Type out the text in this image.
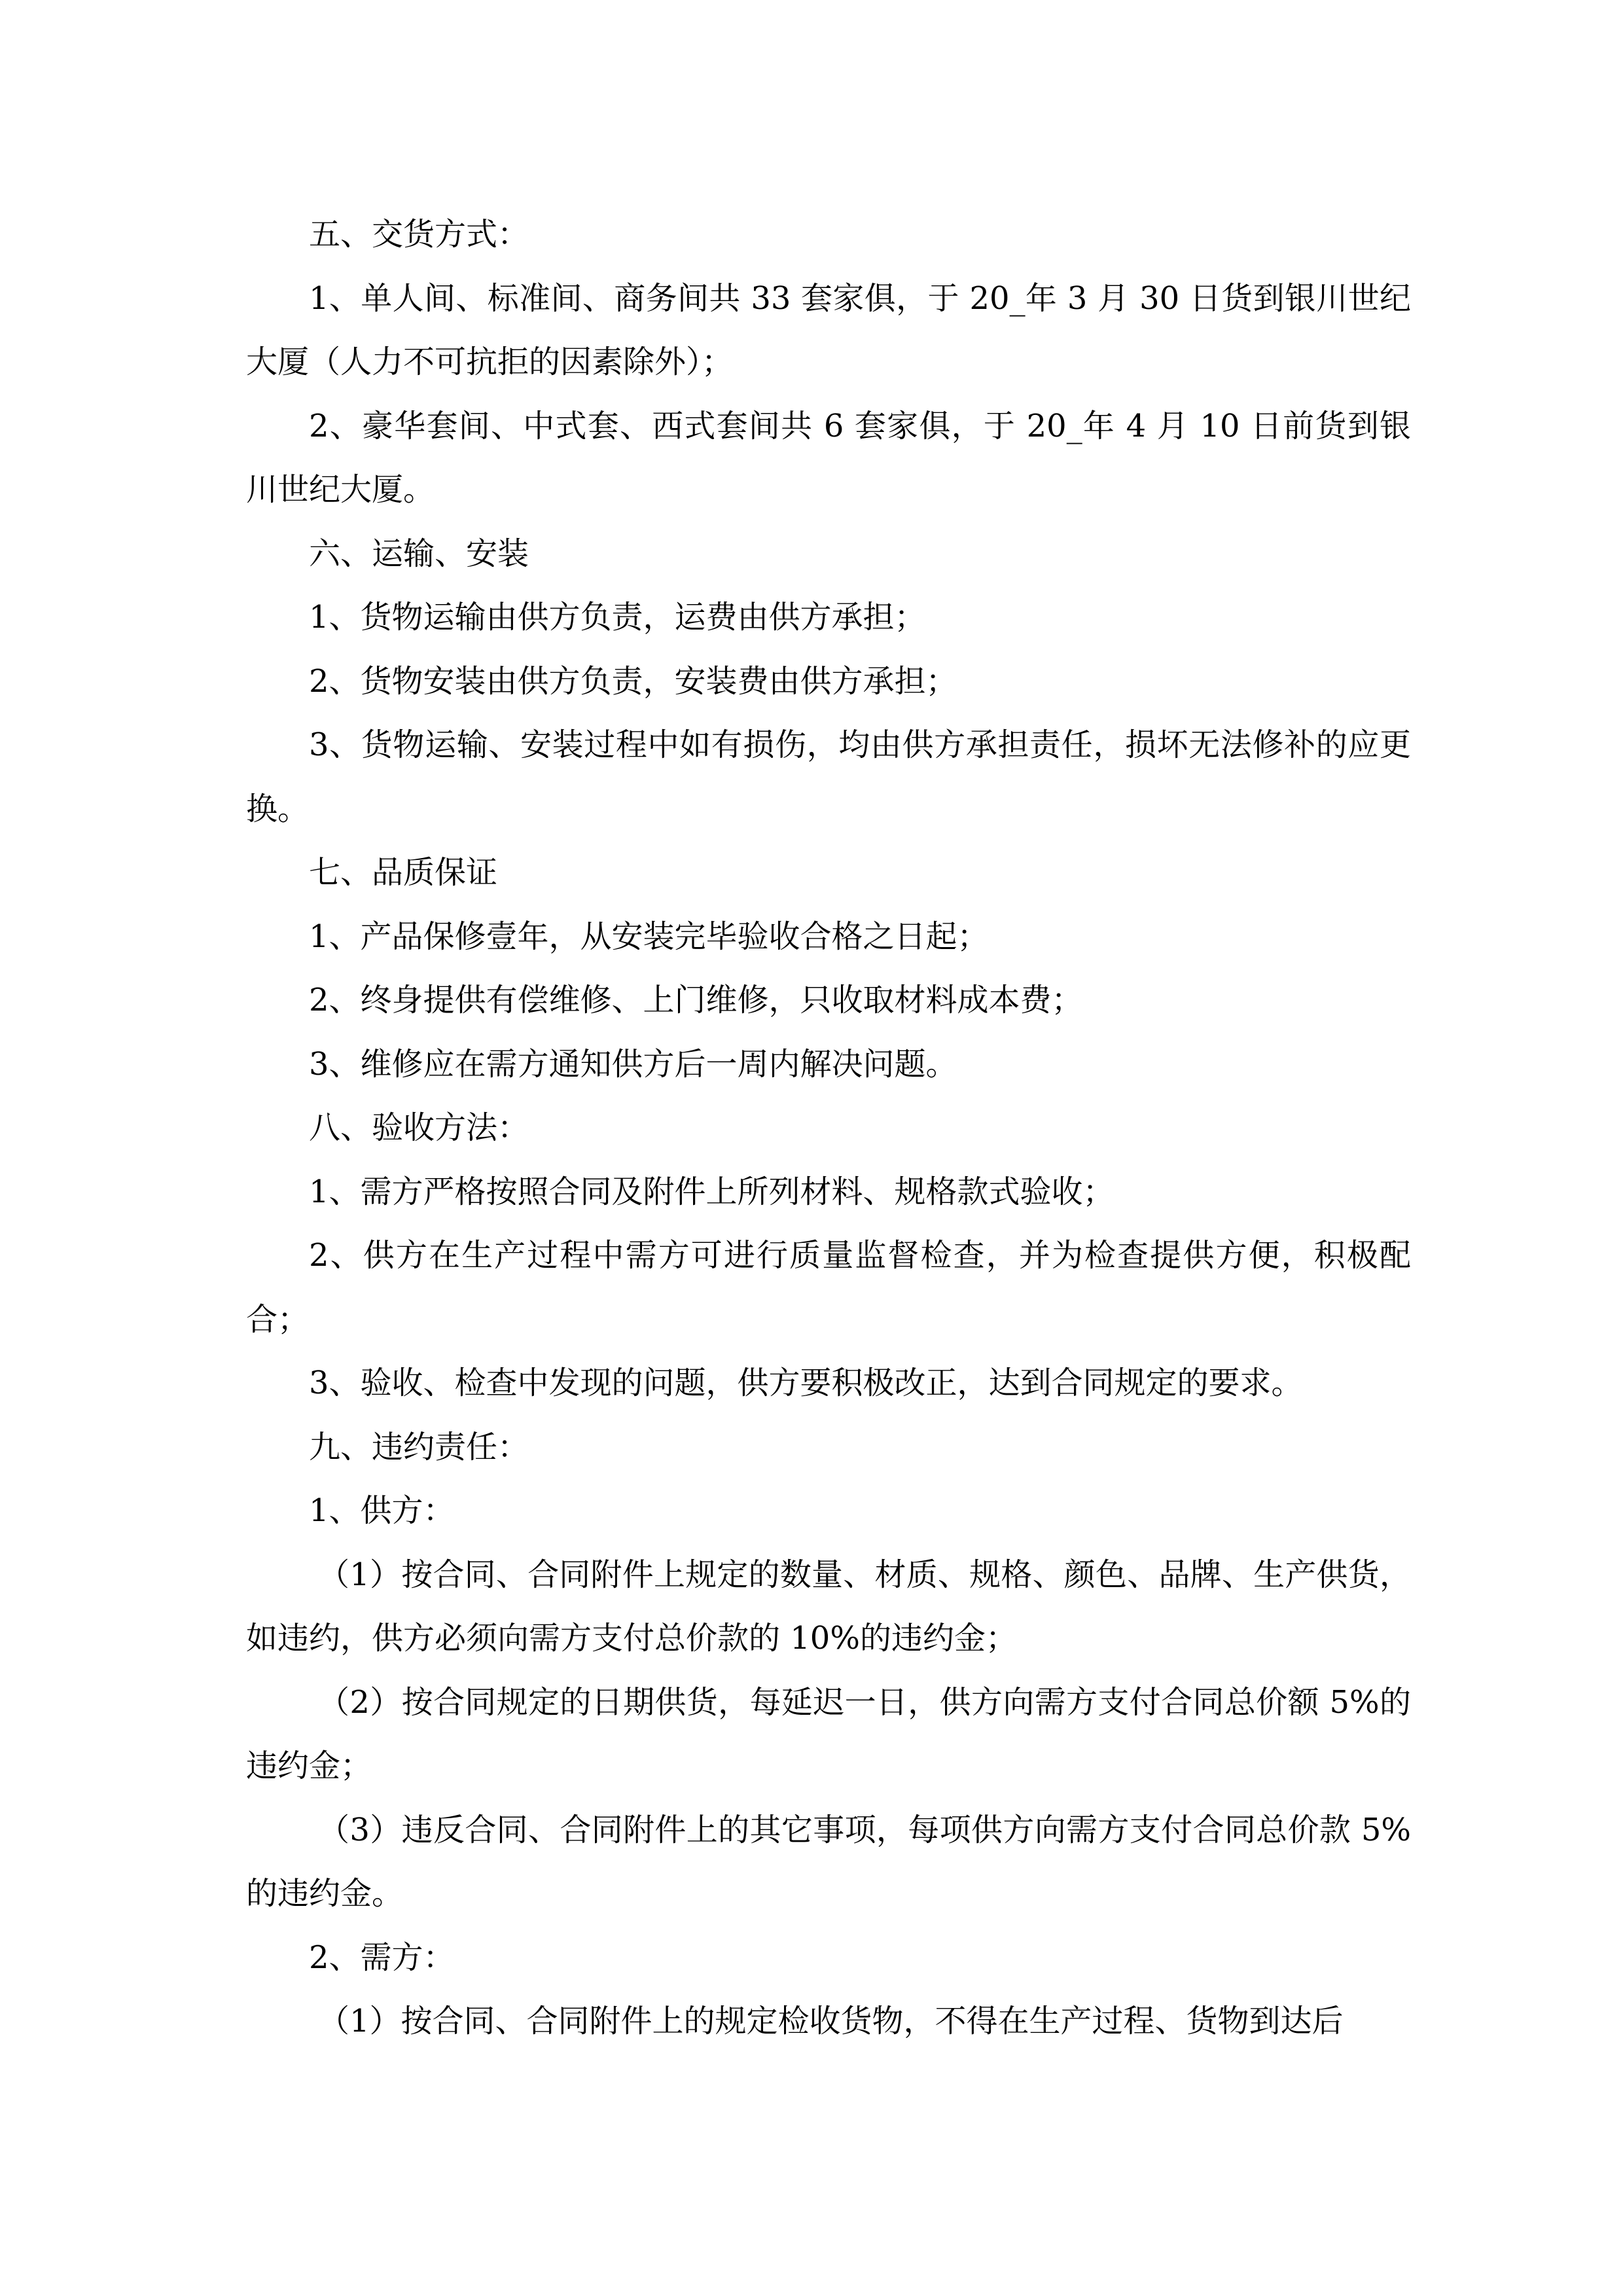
五、交货方式：

1、单人间、标准间、商务间共 33 套家俱，于 20_年 3 月 30 日货到银川世纪大厦（人力不可抗拒的因素除外）；

2、豪华套间、中式套、西式套间共 6 套家俱，于 20_年 4 月 10 日前货到银川世纪大厦。

六、运输、安装

1、货物运输由供方负责，运费由供方承担；

2、货物安装由供方负责，安装费由供方承担；

3、货物运输、安装过程中如有损伤，均由供方承担责任，损坏无法修补的应更换。

七、品质保证

1、产品保修壹年，从安装完毕验收合格之日起；

2、终身提供有偿维修、上门维修，只收取材料成本费；

3、维修应在需方通知供方后一周内解决问题。

八、验收方法：

1、需方严格按照合同及附件上所列材料、规格款式验收；

2、供方在生产过程中需方可进行质量监督检查，并为检查提供方便，积极配合；

3、验收、检查中发现的问题，供方要积极改正，达到合同规定的要求。

九、违约责任：

1、供方：

（1）按合同、合同附件上规定的数量、材质、规格、颜色、品牌、生产供货，如违约，供方必须向需方支付总价款的 10%的违约金；

（2）按合同规定的日期供货，每延迟一日，供方向需方支付合同总价额 5%的违约金；

（3）违反合同、合同附件上的其它事项，每项供方向需方支付合同总价款 5%的违约金。

2、需方：

（1）按合同、合同附件上的规定检收货物，不得在生产过程、货物到达后
